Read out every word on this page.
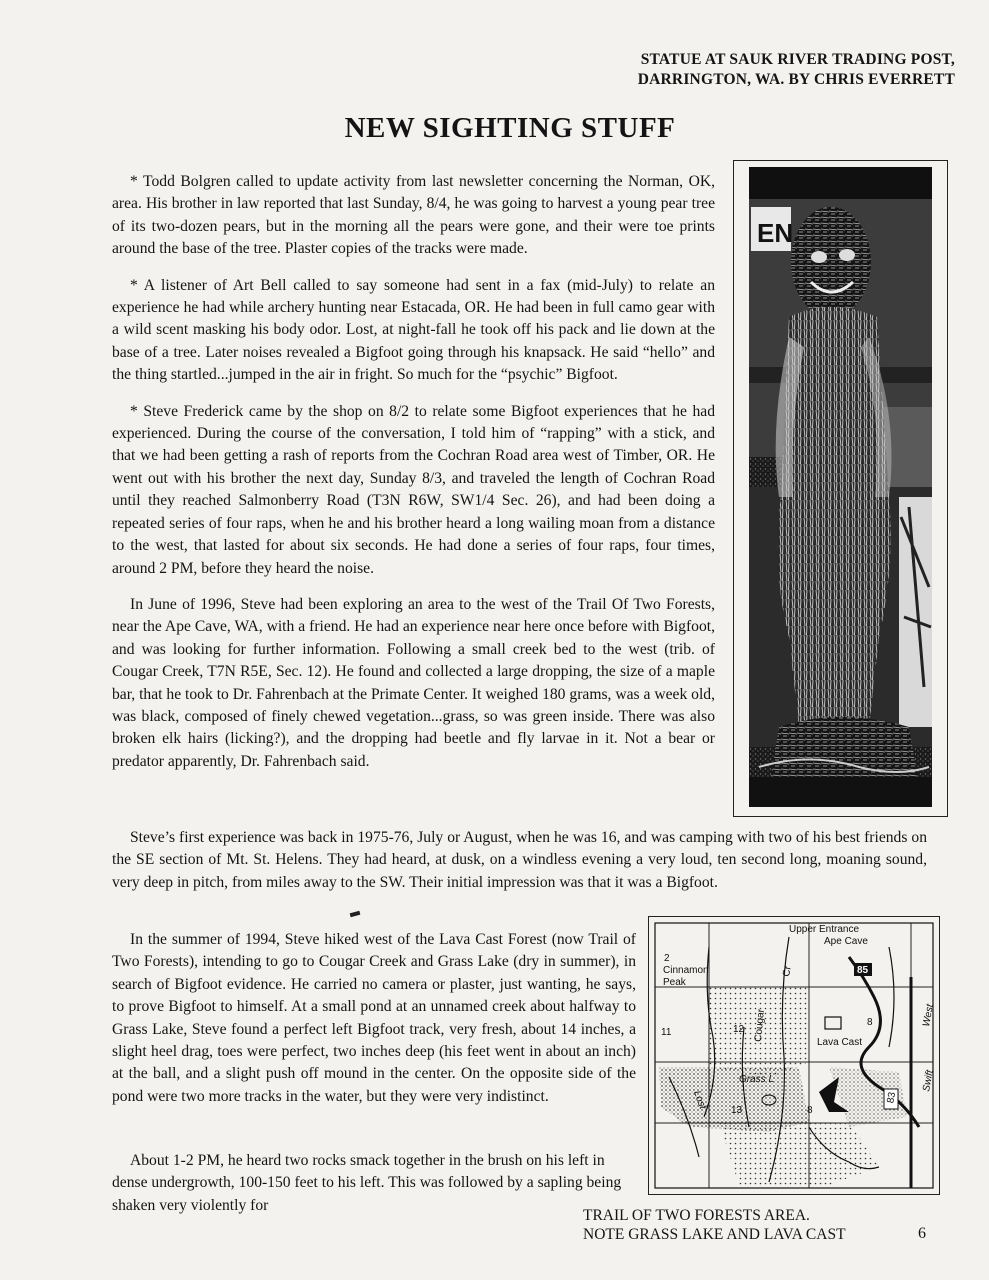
STATUE AT SAUK RIVER TRADING POST,
DARRINGTON, WA. BY CHRIS EVERRETT
NEW SIGHTING STUFF

* Todd Bolgren called to update activity from last newsletter concerning the Norman, OK, area. His brother in law reported that last Sunday, 8/4, he was going to harvest a young pear tree of its two-dozen pears, but in the morning all the pears were gone, and their were toe prints around the base of the tree. Plaster copies of the tracks were made.

* A listener of Art Bell called to say someone had sent in a fax (mid-July) to relate an experience he had while archery hunting near Estacada, OR. He had been in full camo gear with a wild scent masking his body odor. Lost, at night-fall he took off his pack and lie down at the base of a tree. Later noises revealed a Bigfoot going through his knapsack. He said “hello” and the thing startled...jumped in the air in fright. So much for the “psychic” Bigfoot.

* Steve Frederick came by the shop on 8/2 to relate some Bigfoot experiences that he had experienced. During the course of the conversation, I told him of “rapping” with a stick, and that we had been getting a rash of reports from the Cochran Road area west of Timber, OR. He went out with his brother the next day, Sunday 8/3, and traveled the length of Cochran Road until they reached Salmonberry Road (T3N R6W, SW1/4 Sec. 26), and had been doing a repeated series of four raps, when he and his brother heard a long wailing moan from a distance to the west, that lasted for about six seconds. He had done a series of four raps, four times, around 2 PM, before they heard the noise.

In June of 1996, Steve had been exploring an area to the west of the Trail Of Two Forests, near the Ape Cave, WA, with a friend. He had an experience near here once before with Bigfoot, and was looking for further information. Following a small creek bed to the west (trib. of Cougar Creek, T7N R5E, Sec. 12). He found and collected a large dropping, the size of a maple bar, that he took to Dr. Fahrenbach at the Primate Center. It weighed 180 grams, was a week old, was black, composed of finely chewed vegetation...grass, so was green inside. There was also broken elk hairs (licking?), and the dropping had beetle and fly larvae in it. Not a bear or predator apparently, Dr. Fahrenbach said.

Steve’s first experience was back in 1975-76, July or August, when he was 16, and was camping with two of his best friends on the SE section of Mt. St. Helens. They had heard, at dusk, on a windless evening a very loud, ten second long, moaning sound, very deep in pitch, from miles away to the SW. Their initial impression was that it was a Bigfoot.

In the summer of 1994, Steve hiked west of the Lava Cast Forest (now Trail of Two Forests), intending to go to Cougar Creek and Grass Lake (dry in summer), in search of Bigfoot evidence. He carried no camera or plaster, just wanting, he says, to prove Bigfoot to himself. At a small pond at an unnamed creek about halfway to Grass Lake, Steve found a perfect left Bigfoot track, very fresh, about 14 inches, a slight heel drag, toes were perfect, two inches deep (his feet went in about an inch) at the ball, and a slight push off mound in the center. On the opposite side of the pond were two more tracks in the water, but they were very indistinct.

About 1-2 PM, he heard two rocks smack together in the brush on his left in dense undergrowth, 100-150 feet to his left. This was followed by a sapling being shaken very violently for

EN
Upper Entrance
Ape Cave
2
Cinnamon
Peak
Cr	85
11	12 Cougar	8
Lava Cast
West
Swift
Lost
Grass L
13	8
83
TRAIL OF TWO FORESTS AREA.
NOTE GRASS LAKE AND LAVA CAST	6
